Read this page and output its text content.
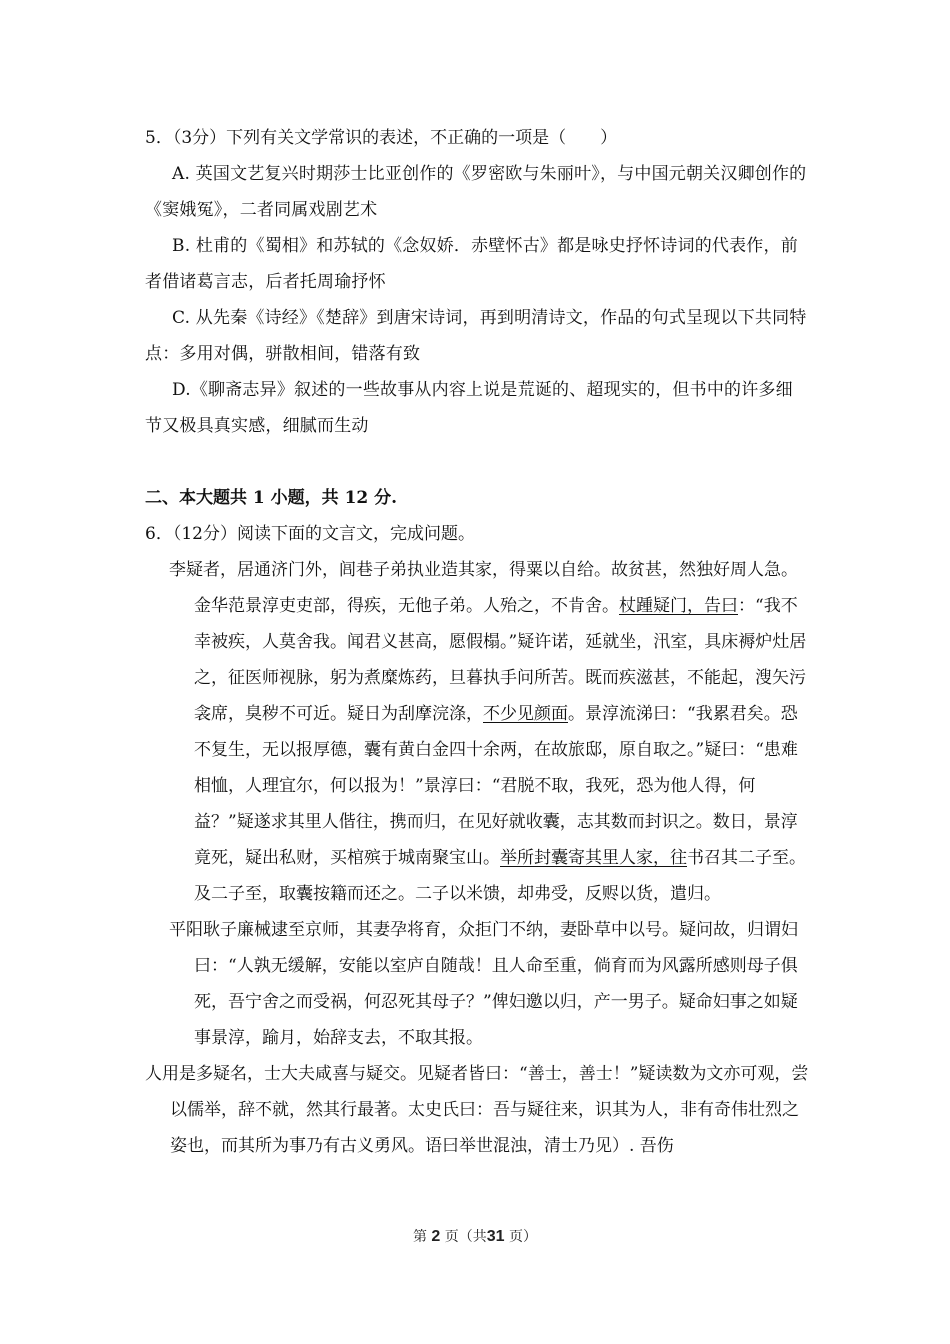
5．（3分）下列有关文学常识的表述，不正确的一项是（　　）

A. 英国文艺复兴时期莎士比亚创作的《罗密欧与朱丽叶》，与中国元朝关汉卿创作的《窦娥冤》，二者同属戏剧艺术

B. 杜甫的《蜀相》和苏轼的《念奴娇．赤壁怀古》都是咏史抒怀诗词的代表作，前者借诸葛言志，后者托周瑜抒怀

C. 从先秦《诗经》《楚辞》到唐宋诗词，再到明清诗文，作品的句式呈现以下共同特点：多用对偶，骈散相间，错落有致

D.《聊斋志异》叙述的一些故事从内容上说是荒诞的、超现实的，但书中的许多细节又极具真实感，细腻而生动

二、本大题共 1 小题，共 12 分.

6．（12分）阅读下面的文言文，完成问题。

李疑者，居通济门外，闾巷子弟执业造其家，得粟以自给。故贫甚，然独好周人急。金华范景淳吏吏部，得疾，无他子弟。人殆之，不肯舍。杖踵疑门，告曰：“我不幸被疾，人莫舍我。闻君义甚高，愿假榻。”疑许诺，延就坐，汛室，具床褥炉灶居之，征医师视脉，躬为煮糜炼药，旦暮执手问所苦。既而疾滋甚，不能起，溲矢污衾席，臭秽不可近。疑日为刮摩浣涤，不少见颜面。景淳流涕曰：“我累君矣。恐不复生，无以报厚德，囊有黄白金四十余两，在故旅邸，原自取之。”疑曰：“患难相恤，人理宜尔，何以报为！”景淳曰：“君脱不取，我死，恐为他人得，何益？”疑遂求其里人偕往，携而归，在见好就收囊，志其数而封识之。数日，景淳竟死，疑出私财，买棺殡于城南聚宝山。举所封囊寄其里人家，往书召其二子至。及二子至，取囊按籍而还之。二子以米馈，却弗受，反赆以货，遣归。

平阳耿子廉械逮至京师，其妻孕将育，众拒门不纳，妻卧草中以号。疑问故，归谓妇曰：“人孰无缓解，安能以室庐自随哉！且人命至重，倘育而为风露所感则母子俱死，吾宁舍之而受祸，何忍死其母子？”俾妇邀以归，产一男子。疑命妇事之如疑事景淳，踰月，始辞支去，不取其报。

人用是多疑名，士大夫咸喜与疑交。见疑者皆曰：“善士，善士！”疑读数为文亦可观，尝以儒举，辞不就，然其行最著。太史氏曰：吾与疑往来，识其为人，非有奇伟壮烈之姿也，而其所为事乃有古义勇风。语曰举世混浊，清士乃见）. 吾伤

第 2 页（共31 页）
